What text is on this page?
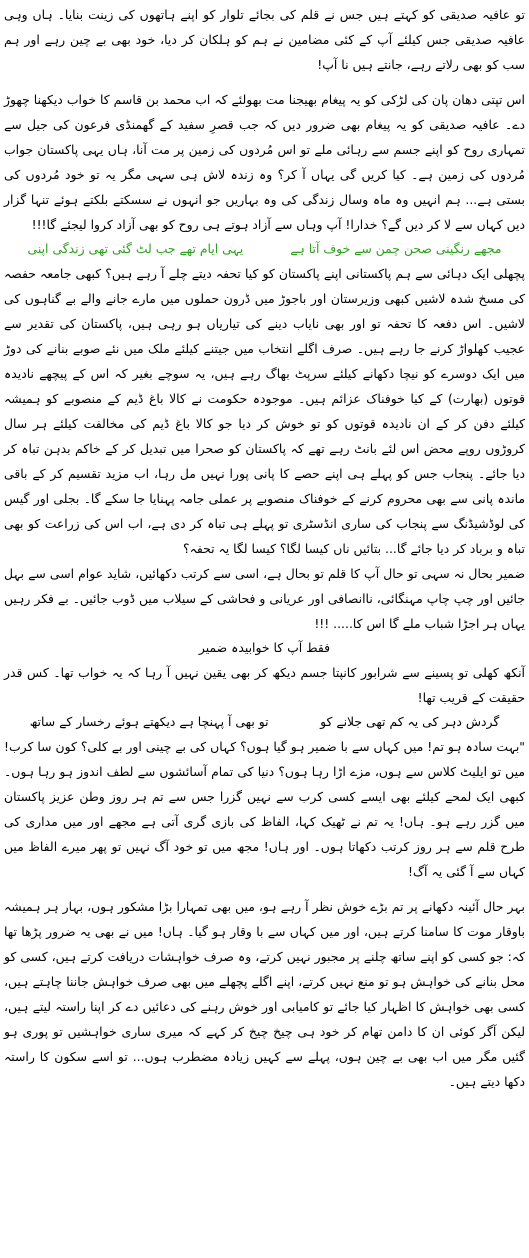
تو عافیہ صدیقی کو کہتے ہیں جس نے قلم کی بجائے تلوار کو اپنے ہاتھوں کی زینت بنایا۔ ہاں وہی عافیہ صدیقی جس کیلئے آپ کے کئی مضامین نے ہم کو ہلکان کر دیا، خود بھی بے چین رہے اور ہم سب کو بھی رلاتے رہے، جانتے ہیں نا آپ!

اس تپتی دھان پان کی لڑکی کو یہ پیغام بھیجنا مت بھولئے کہ اب محمد بن قاسم کا خواب دیکھنا چھوڑ دے۔ عافیہ صدیقی کو یہ پیغام بھی ضرور دیں کہ جب قصرِ سفید کے گھمنڈی فرعون کی جیل سے تمہاری روح کو اپنے جسم سے رہائی ملے تو اس مُردوں کی زمین پر مت آنا، ہاں یہی پاکستان جواب مُردوں کی زمین ہے۔ کیا کریں گی یہاں آ کر؟ وہ زندہ لاش ہی سہی مگر یہ تو خود مُردوں کی بستی ہے... ہم انہیں وہ ماہ وسال زندگی کی وہ بہاریں جو انہوں نے سسکتے بلکتے ہوئے تنہا گزار دیں کہاں سے لا کر دیں گے؟ خدارا! آپ وہاں سے آزاد ہوتے ہی روح کو بھی آزاد کروا لیجئے گا!!!

مجھے رنگینی صحن چمن سے خوف آتا ہے
یہی ایام تھے جب لٹ گئی تھی زندگی اپنی

پچھلی ایک دہائی سے ہم پاکستانی اپنے پاکستان کو کیا تحفہ دیتے چلے آ رہے ہیں؟ کبھی جامعہ حفصہ کی مسخ شدہ لاشیں کبھی وزیرستان اور باجوڑ میں ڈرون حملوں میں مارے جانے والے بے گناہوں کی لاشیں۔ اس دفعہ کا تحفہ تو اور بھی نایاب دینے کی تیاریاں ہو رہی ہیں، پاکستان کی تقدیر سے عجیب کھلواڑ کرنے جا رہے ہیں۔ صرف اگلے انتخاب میں جیتنے کیلئے ملک میں نئے صوبے بنانے کی دوڑ میں ایک دوسرے کو نیچا دکھانے کیلئے سرپٹ بھاگ رہے ہیں، یہ سوچے بغیر کہ اس کے پیچھے نادیدہ قوتوں (بھارت) کے کیا خوفناک عزائم ہیں۔ موجودہ حکومت نے کالا باغ ڈیم کے منصوبے کو ہمیشہ کیلئے دفن کر کے ان نادیدہ قوتوں کو تو خوش کر دیا جو کالا باغ ڈیم کی مخالفت کیلئے ہر سال کروڑوں روپے محض اس لئے بانٹ رہے تھے کہ پاکستان کو صحرا میں تبدیل کر کے خاکم بدہن تباہ کر دیا جائے۔ پنجاب جس کو پہلے ہی اپنے حصے کا پانی پورا نہیں مل رہا، اب مزید تقسیم کر کے باقی ماندہ پانی سے بھی محروم کرنے کے خوفناک منصوبے پر عملی جامہ پہنایا جا سکے گا۔ بجلی اور گیس کی لوڈشیڈنگ سے پنجاب کی ساری انڈسٹری تو پہلے ہی تباہ کر دی ہے، اب اس کی زراعت کو بھی تباہ و برباد کر دیا جائے گا... بتائیں ناں کیسا لگا؟ کیسا لگا یہ تحفہ؟

ضمیر بحال نہ سہی تو حال آپ کا قلم تو بحال ہے، اسی سے کرتب دکھائیں، شاید عوام اسی سے بہل جائیں اور چپ چاپ مہنگائی، ناانصافی اور عریانی و فحاشی کے سیلاب میں ڈوب جائیں۔ بے فکر رہیں یہاں ہر اجڑا شباب ملے گا اس کا..... !!!

فقط آپ کا خوابیدہ ضمیر

آنکھ کھلی تو پسینے سے شرابور کانپتا جسم دیکھ کر بھی یقین نہیں آ رہا کہ یہ خواب تھا۔ کس قدر حقیقت کے قریب تھا!

گردش دہر کی یہ کم تھی جلانے کو
تو بھی آ پہنچا ہے دیکھتے ہوئے رخسار کے ساتھ

"بہت سادہ ہو تم! میں کہاں سے با ضمیر ہو گیا ہوں؟ کہاں کی بے چینی اور بے کلی؟ کون سا کرب! میں تو ایلیٹ کلاس سے ہوں، مزے اڑا رہا ہوں؟ دنیا کی تمام آسائشوں سے لطف اندوز ہو رہا ہوں۔ کبھی ایک لمحے کیلئے بھی ایسے کسی کرب سے نہیں گزرا جس سے تم ہر روز وطن عزیز پاکستان میں گزر رہے ہو۔ ہاں! یہ تم نے ٹھیک کہا، الفاظ کی بازی گری آتی ہے مجھے اور میں مداری کی طرح قلم سے ہر روز کرتب دکھاتا ہوں۔ اور ہاں! مجھ میں تو خود آگ نہیں تو پھر میرے الفاظ میں کہاں سے آ گئی یہ آگ!

بہر حال آئینہ دکھانے پر تم بڑے خوش نظر آ رہے ہو، میں بھی تمہارا بڑا مشکور ہوں، بہار ہر ہمیشہ باوقار موت کا سامنا کرتے ہیں، اور میں کہاں سے با وقار ہو گیا۔ ہاں! میں نے بھی یہ ضرور پڑھا تھا کہ: جو کسی کو اپنے ساتھ چلنے پر مجبور نہیں کرتے، وہ صرف خواہشات دریافت کرتے ہیں، کسی کو محل بنانے کی خواہش ہو تو منع نہیں کرتے، اپنے اگلے پچھلے میں بھی صرف خواہش جاننا چاہتے ہیں، کسی بھی خواہش کا اظہار کیا جائے تو کامیابی اور خوش رہنے کی دعائیں دے کر اپنا راستہ لیتے ہیں، لیکن آگر کوئی ان کا دامن تھام کر خود ہی چیخ چیخ کر کہے کہ میری ساری خواہشیں تو پوری ہو گئیں مگر میں اب بھی بے چین ہوں، پہلے سے کہیں زیادہ مضطرب ہوں... تو اسے سکون کا راستہ دکھا دیتے ہیں۔
